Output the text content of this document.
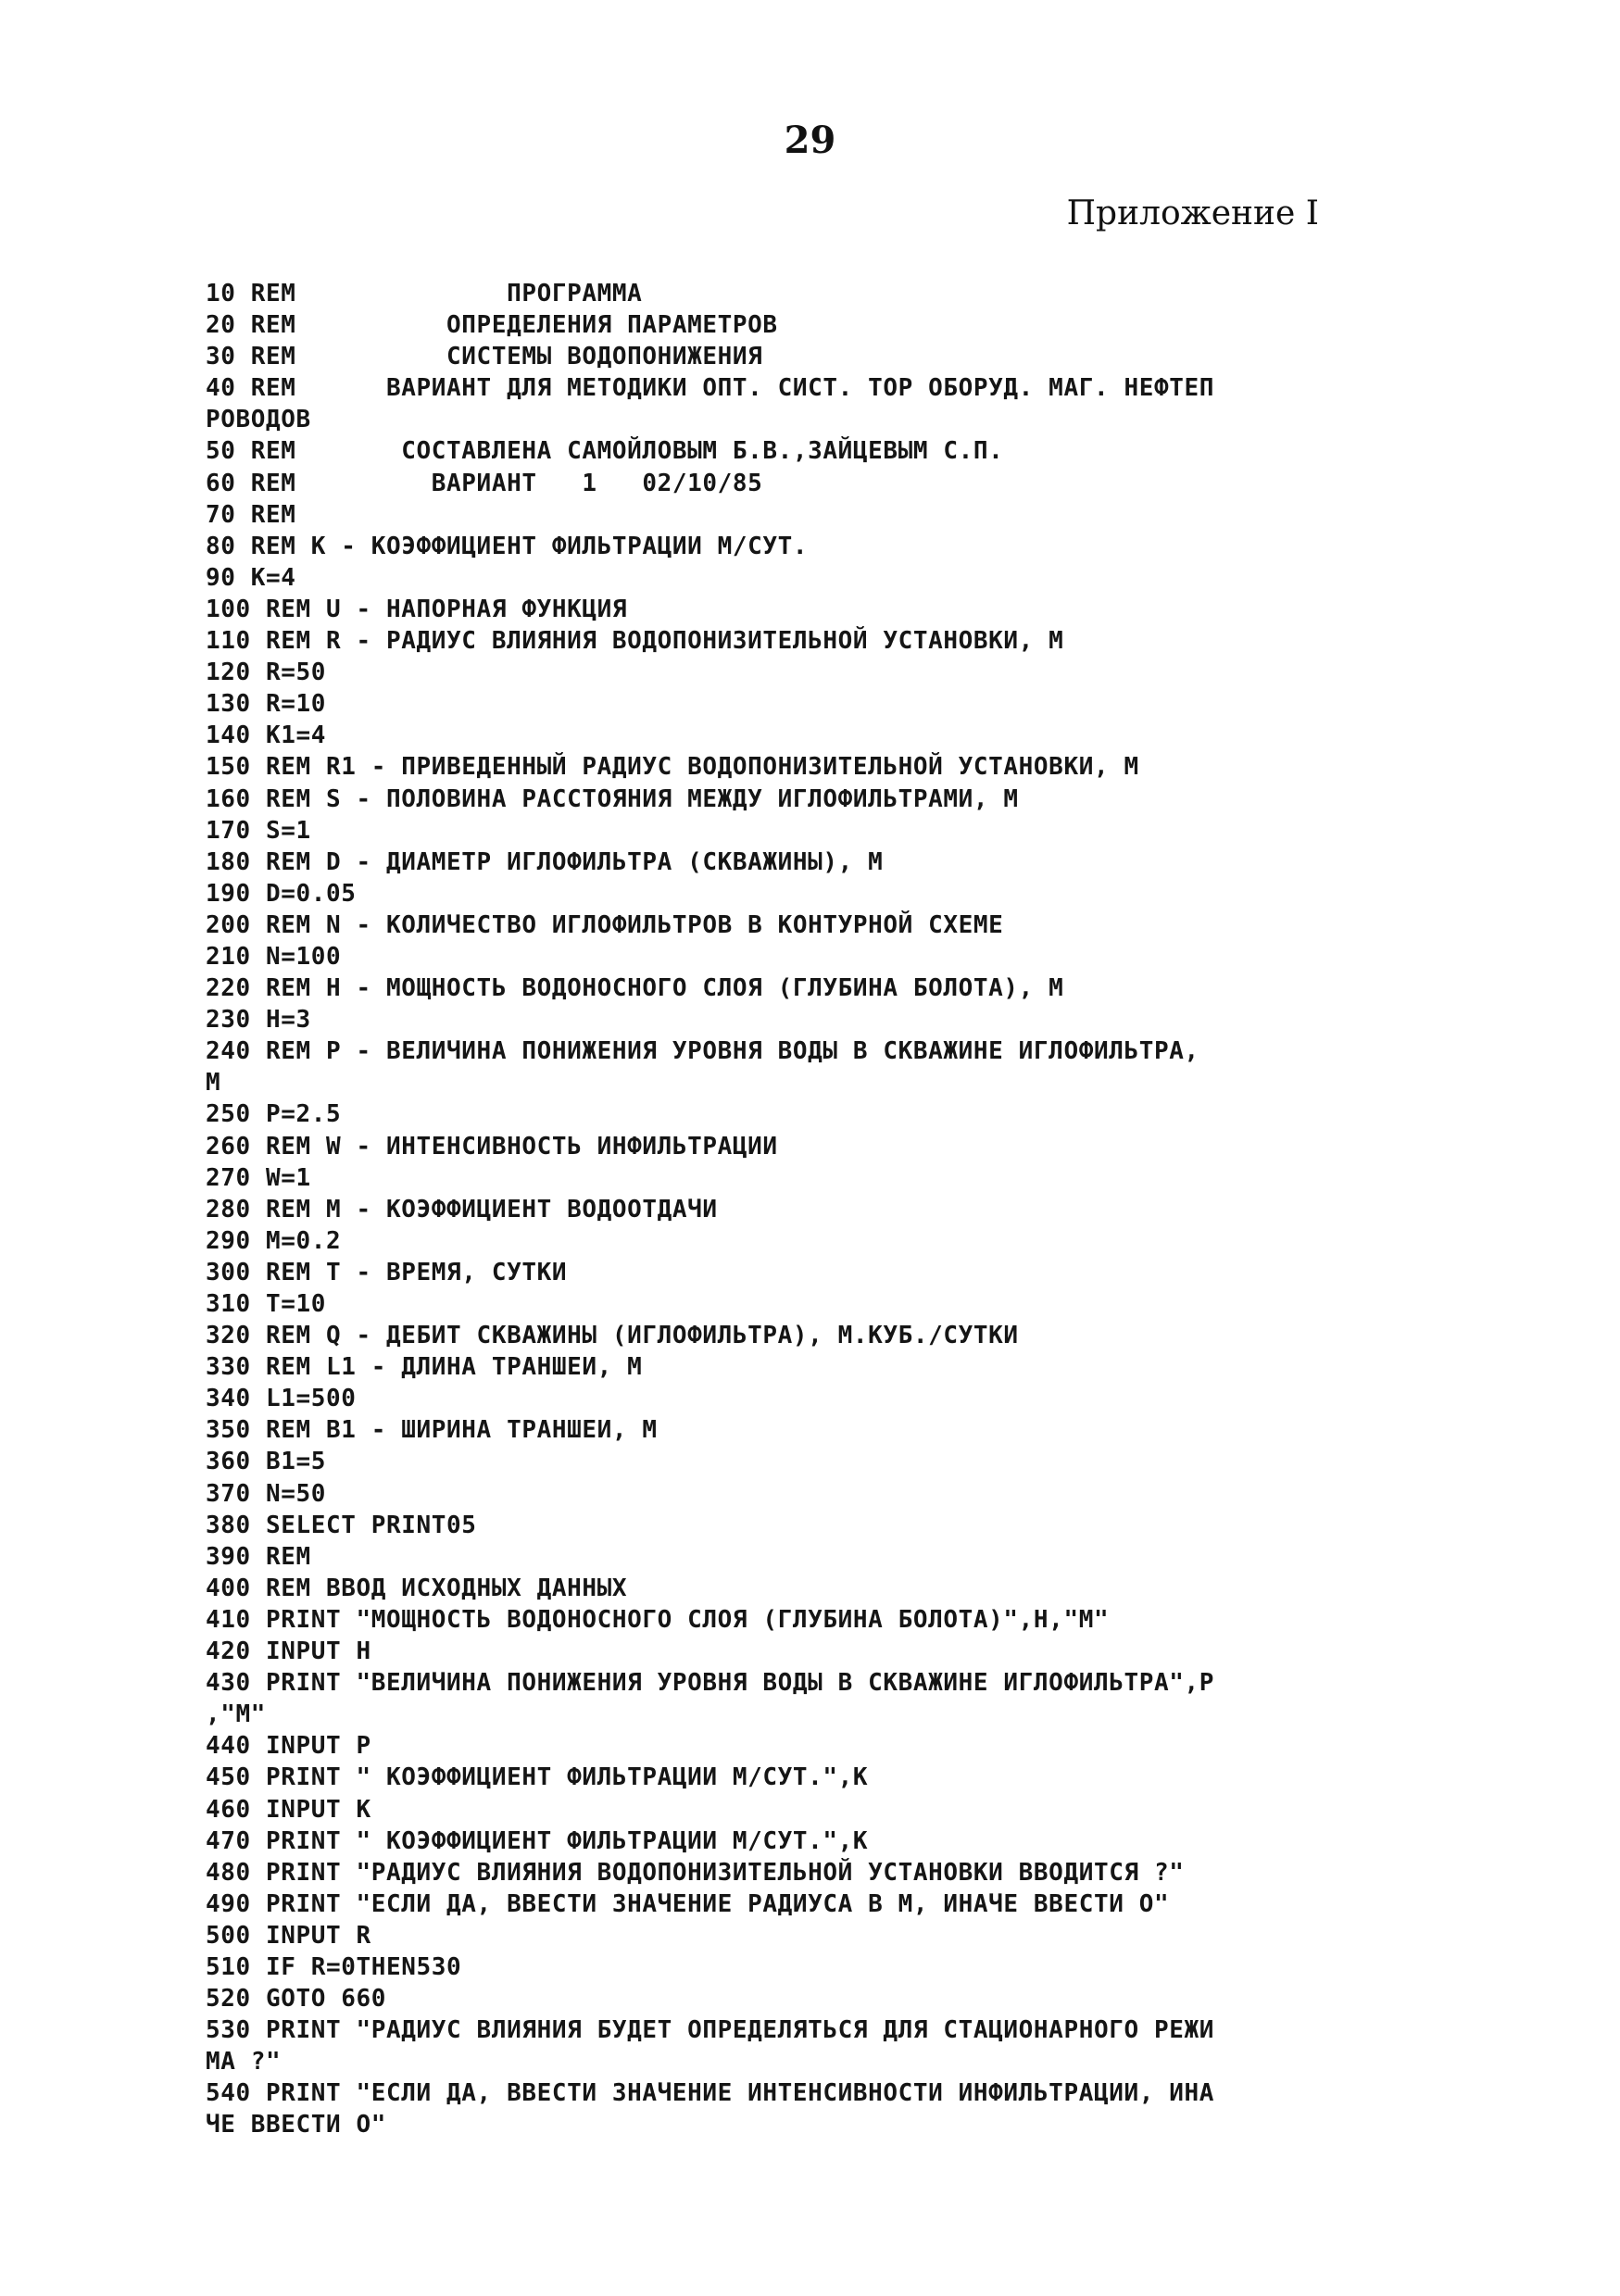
29
Приложение I
10 REM              ПРОГРАММА
20 REM          ОПРЕДЕЛЕНИЯ ПАРАМЕТРОВ
30 REM          СИСТЕМЫ ВОДОПОНИЖЕНИЯ
40 REM      ВАРИАНТ ДЛЯ МЕТОДИКИ ОПТ. СИСТ. ТОР ОБОРУД. МАГ. НЕФТЕП
РОВОДОВ
50 REM       СОСТАВЛЕНА САМОЙЛОВЫМ Б.В.,ЗАЙЦЕВЫМ С.П.
60 REM         ВАРИАНТ   1   02/10/85
70 REM
80 REM K - КОЭФФИЦИЕНТ ФИЛЬТРАЦИИ М/СУТ.
90 K=4
100 REM U - НАПОРНАЯ ФУНКЦИЯ
110 REM R - РАДИУС ВЛИЯНИЯ ВОДОПОНИЗИТЕЛЬНОЙ УСТАНОВКИ, М
120 R=50
130 R=10
140 K1=4
150 REM R1 - ПРИВЕДЕННЫЙ РАДИУС ВОДОПОНИЗИТЕЛЬНОЙ УСТАНОВКИ, М
160 REM S - ПОЛОВИНА РАССТОЯНИЯ МЕЖДУ ИГЛОФИЛЬТРАМИ, М
170 S=1
180 REM D - ДИАМЕТР ИГЛОФИЛЬТРА (СКВАЖИНЫ), М
190 D=0.05
200 REM N - КОЛИЧЕСТВО ИГЛОФИЛЬТРОВ В КОНТУРНОЙ СХЕМЕ
210 N=100
220 REM H - МОЩНОСТЬ ВОДОНОСНОГО СЛОЯ (ГЛУБИНА БОЛОТА), М
230 H=3
240 REM P - ВЕЛИЧИНА ПОНИЖЕНИЯ УРОВНЯ ВОДЫ В СКВАЖИНЕ ИГЛОФИЛЬТРА,
М
250 P=2.5
260 REM W - ИНТЕНСИВНОСТЬ ИНФИЛЬТРАЦИИ
270 W=1
280 REM M - КОЭФФИЦИЕНТ ВОДООТДАЧИ
290 M=0.2
300 REM T - ВРЕМЯ, СУТКИ
310 T=10
320 REM Q - ДЕБИТ СКВАЖИНЫ (ИГЛОФИЛЬТРА), М.КУБ./СУТКИ
330 REM L1 - ДЛИНА ТРАНШЕИ, М
340 L1=500
350 REM B1 - ШИРИНА ТРАНШЕИ, М
360 B1=5
370 N=50
380 SELECT PRINT05
390 REM
400 REM ВВОД ИСХОДНЫХ ДАННЫХ
410 PRINT "МОЩНОСТЬ ВОДОНОСНОГО СЛОЯ (ГЛУБИНА БОЛОТА)",H,"М"
420 INPUT H
430 PRINT "ВЕЛИЧИНА ПОНИЖЕНИЯ УРОВНЯ ВОДЫ В СКВАЖИНЕ ИГЛОФИЛЬТРА",P
,"М"
440 INPUT P
450 PRINT " КОЭФФИЦИЕНТ ФИЛЬТРАЦИИ М/СУТ.",K
460 INPUT K
470 PRINT " КОЭФФИЦИЕНТ ФИЛЬТРАЦИИ М/СУТ.",K
480 PRINT "РАДИУС ВЛИЯНИЯ ВОДОПОНИЗИТЕЛЬНОЙ УСТАНОВКИ ВВОДИТСЯ ?"
490 PRINT "ЕСЛИ ДА, ВВЕСТИ ЗНАЧЕНИЕ РАДИУСА В М, ИНАЧЕ ВВЕСТИ О"
500 INPUT R
510 IF R=0THEN530
520 GOTO 660
530 PRINT "РАДИУС ВЛИЯНИЯ БУДЕТ ОПРЕДЕЛЯТЬСЯ ДЛЯ СТАЦИОНАРНОГО РЕЖИ
МА ?"
540 PRINT "ЕСЛИ ДА, ВВЕСТИ ЗНАЧЕНИЕ ИНТЕНСИВНОСТИ ИНФИЛЬТРАЦИИ, ИНА
ЧЕ ВВЕСТИ О"
